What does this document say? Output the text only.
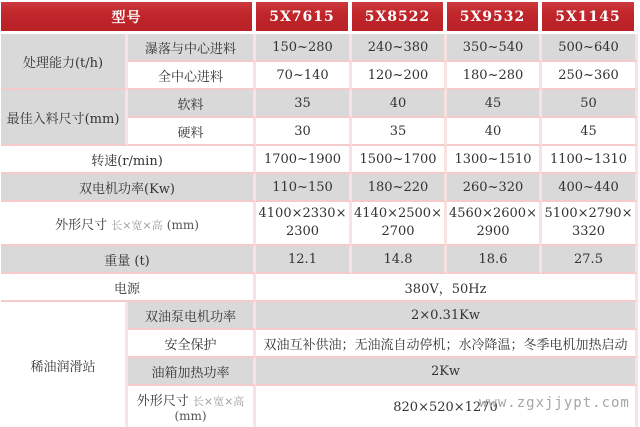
型号		5X7615	5X8522	5X9532	5X1145
处理能力(t/h)	瀑落与中心进料	150~280	240~380	350~540	500~640
	全中心进料	70~140	120~200	180~280	250~360
最佳入料尺寸(mm)	软料	35	40	45	50
	硬料	30	35	40	45
转速(r/min)		1700~1900	1500~1700	1300~1510	1100~1310
双电机功率(Kw)		110~150	180~220	260~320	400~440
外形尺寸 长×宽×高 (mm)		4100×2330×2300	4140×2500×2700	4560×2600×2900	5100×2790×3320
重量 (t)		12.1	14.8	18.6	27.5
电源		380V，50Hz			
稀油润滑站	双油泵电机功率	2×0.31Kw			
	安全保护	双油互补供油；无油流自动停机；水冷降温；冬季电机加热启动			
	油箱加热功率	2Kw			
	外形尺寸 长×宽×高 (mm)	820×520×1270			
www.zgxjjypt.com
